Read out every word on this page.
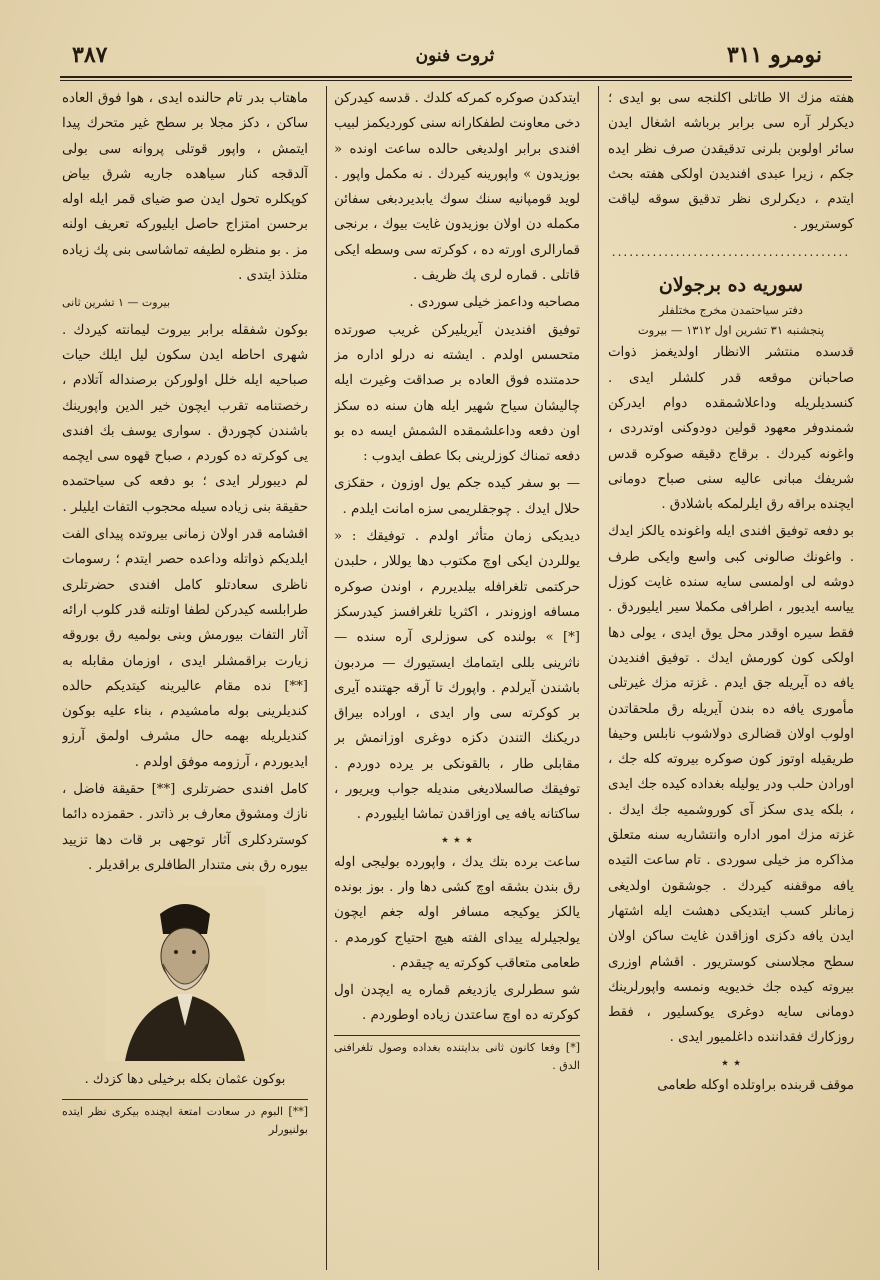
۳۸۷	ثروت فنون	نومرو ۳۱۱

هفته مزك الا طاتلى اكلنجه سى بو ايدى ؛ ديكرلر آره سى برابر برباشه اشغال ايدن سائر اولوبن بلرنى تدقيقدن صرف نظر ايده جكم ، زيرا عبدى افنديدن اولكى هفته بحث ايتدم ، ديكرلرى نظر تدقيق سوقه لياقت كوستريور .

.........................................
سوريه ده برجولان
دفتر سياحتمدن مخرج مختلفلر
پنجشنبه ۳۱ تشرين اول ۱۳۱۲ — بيروت

قدسده منتشر الانظار اولديغمز ذوات صاحبانن موقعه قدر كلشلر ايدى . كنسديلريله وداعلاشمقده دوام ايدركن شمندوفر معهود قولين دودوكنى اوتدردى ، واغونه كيردك . برقاج دقيقه صوكره قدس شريفك مبانى عاليه سنى صباح دومانى ايچنده براقه رق ايلرلمكه باشلادق .

بو دفعه توفيق افندى ايله واغونده يالكز ايدك . واغونك صالونى كبى واسع وايكى طرف دوشه لى اولمسى سايه سنده غايت كوزل يياسه ايديور ، اطرافى مكملا سير ايليوردق . فقط سيره اوقدر محل يوق ايدى ، يولى دها اولكى كون كورمش ايدك . توفيق افنديدن يافه ده آيريله جق ايدم . غزته مزك غيرتلى مأمورى يافه ده بندن آيريله رق ملحقاتدن اولوب اولان قضالرى دولاشوب نابلس وحيفا طريقيله اوتوز كون صوكره بيروته كله جك ، اورادن حلب ودر يوليله بغداده كيده جك ايدى ، بلكه يدى سكز آى كوروشميه جك ايدك . غزته مزك امور اداره وانتشاريه سنه متعلق مذاكره مز خيلى سوردى . تام ساعت التيده يافه موقفنه كيردك . جوشقون اولديغى زمانلر كسب ايتديكى دهشت ايله اشتهار ايدن يافه دكزى اوزاقدن غايت ساكن اولان سطح مجلاسنى كوستريور . اقشام اوزرى بيروته كيده جك خديويه ونمسه واپورلرينك دومانى سايه دوغرى يوكسليور ، فقط روزكارك فقداننده داغلميور ايدى .

٭ ٭

موقف قربنده براوتلده اوكله طعامى

ايتدكدن صوكره كمركه كلدك . قدسه كيدركن دخى معاونت لطفكارانه سنى كورديكمز لبيب افندى برابر اولديغى حالده ساعت اونده « بوزيدون » واپورينه كيردك . نه مكمل واپور . لويد قومپانيه سنك سوك يابديردبغى سفائن مكمله دن اولان بوزيدون غايت بيوك ، برنجى قمارالرى اورته ده ، كوكرته سى وسطه ايكى قاتلى . قماره لرى پك ظريف .

مصاحبه وداعمز خيلى سوردى .

توفيق افنديدن آيريليركن غريب صورتده متحسس اولدم . ايشته نه درلو اداره مز حدمتنده فوق العاده بر صداقت وغيرت ايله چاليشان سياح شهير ايله هان سنه ده سكز اون دفعه وداعلشمقده الشمش ايسه ده بو دفعه تمناك كوزلرينى بكا عطف ايدوب :

— بو سفر كيده جكم يول اوزون ، حقكزى حلال ايدك . چوجقلريمى سزه امانت ايلدم .

ديديكى زمان متأثر اولدم . توفيقك : « يوللردن ايكى اوچ مكتوب دها يوللار ، حلبدن حركتمى تلغرافله بيلديررم ، اوندن صوكره مسافه اوزوندر ، اكثريا تلغرافسز كيدرسكز [*] » بولنده كى سوزلرى آره سنده — ناثرينى بللى ايتمامك ايستيورك — مردبون باشندن آيرلدم . واپورك تا آرقه جهتنده آيرى بر كوكرته سى وار ايدى ، اوراده بيراق دريكنك التندن دكزه دوغرى اوزانمش بر مقابلى طار ، بالقونكى بر يرده دوردم . توفيقك صالسلاديغى منديله جواب ويريور ، ساكتانه يافه يى اوزاقدن تماشا ايليوردم .

٭ ٭ ٭

ساعت برده بتك يدك ، واپورده بوليجى اوله رق بندن بشقه اوچ كشى دها وار . بوز بونده يالكز يوكيجه مسافر اوله جغم ايچون يولجيلرله ييداى الفته هيچ احتياج كورمدم . طعامى متعاقب كوكرته يه چيقدم .

شو سطرلرى يازديغم قماره يه ايچدن اول كوكرته ده اوچ ساعتدن زياده اوطوردم .

[*] وفعا كانون ثانى بدايتنده بغداده وصول تلغرافنى الدق .

ماهتاب بدر تام حالنده ايدى ، هوا فوق العاده ساكن ، دكز مجلا بر سطح غير متحرك پيدا ايتمش ، واپور قوتلى پروانه سى بولى آلدقجه كنار سياهده جاريه شرق بياض كوپكلره تحول ايدن صو ضياى قمر ايله اوله برحسن امتزاج حاصل ايليوركه تعريف اولنه مز . بو منظره لطيفه تماشاسى بنى پك زياده متلذذ ايتدى .

بيروت — ۱ تشرين ثانى

بوكون شفقله برابر بيروت ليمانته كيردك . شهرى احاطه ايدن سكون ليل ايلك حيات صباحيه ايله خلل اولوركن برصنداله آتلادم ، رخصتنامه تقرب ايچون خير الدين واپورينك باشندن كچوردق . سوارى يوسف بك افندى يى كوكرته ده كوردم ، صباح قهوه سى ايچمه لم ديبورلر ايدى ؛ بو دفعه كى سياحتمده حقيقة بنى زياده سيله محجوب التفات ايليلر .

اقشامه قدر اولان زمانى بيروتده پيداى الفت ايلديكم ذواتله وداعده حصر ايتدم ؛ رسومات ناظرى سعادتلو كامل افندى حضرتلرى طرابلسه كيدركن لطفا اوتلنه قدر كلوب ارائه آثار التفات بيورمش وبنى بولميه رق بوروقه زيارت براقمشلر ايدى ، اوزمان مقابله به [**] نده مقام عاليرينه كيتديكم حالده كنديلرينى بوله مامشيدم ، بناء عليه بوكون كنديلريله بهمه حال مشرف اولمق آرزو ايديوردم ، آرزومه موفق اولدم .

كامل افندى حضرتلرى [**] حقيقة فاضل ، نازك ومشوق معارف بر ذاتدر . حقمزده دائما كوستردكلرى آثار توجهى بر قات دها تزييد بيوره رق بنى متندار الطافلرى براقديلر .

بوكون عثمان بكله برخيلى دها كزدك .
[**] البوم در سعادت امتعة ايچنده بيكرى نظر ايتده بولنيورلر
